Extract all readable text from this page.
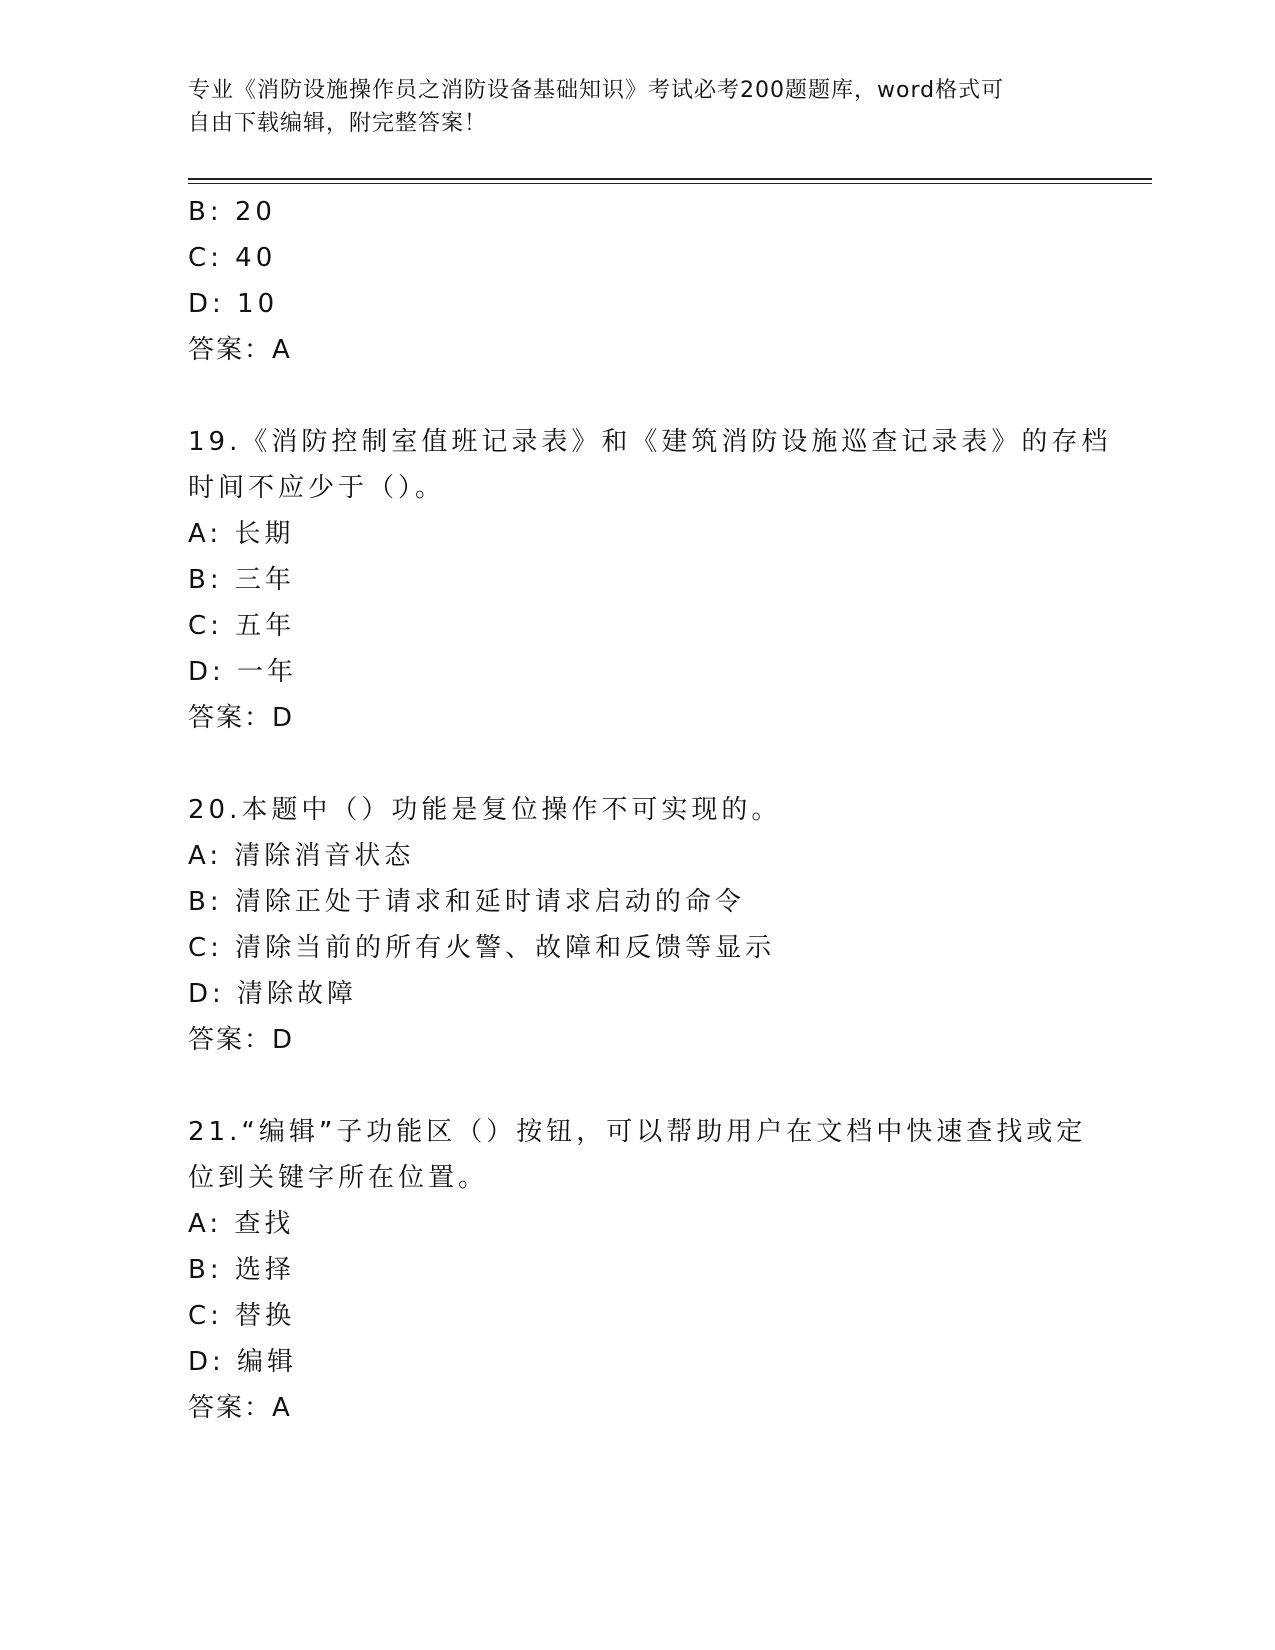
专业《消防设施操作员之消防设备基础知识》考试必考200题题库，word格式可
自由下载编辑，附完整答案！
B: 20
C: 40
D: 10
答案：A
19.《消防控制室值班记录表》和《建筑消防设施巡查记录表》的存档
时间不应少于（）。
A: 长期
B: 三年
C: 五年
D: 一年
答案：D
20.本题中（）功能是复位操作不可实现的。
A: 清除消音状态
B: 清除正处于请求和延时请求启动的命令
C: 清除当前的所有火警、故障和反馈等显示
D: 清除故障
答案：D
21.“编辑”子功能区（）按钮，可以帮助用户在文档中快速查找或定
位到关键字所在位置。
A: 查找
B: 选择
C: 替换
D: 编辑
答案：A
